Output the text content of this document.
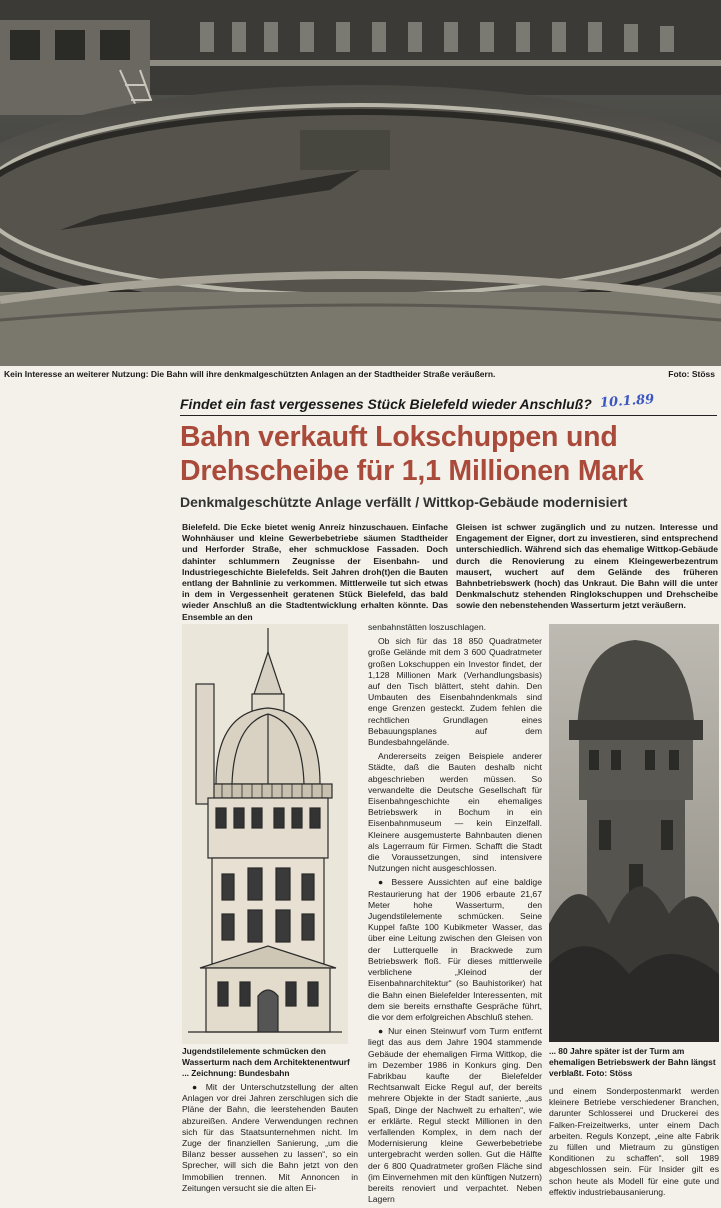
Kein Interesse an weiterer Nutzung: Die Bahn will ihre denkmalgeschützten Anlagen an der Stadtheider Straße veräußern.	Foto: Stöss
Findet ein fast vergessenes Stück Bielefeld wieder Anschluß? 10.1.89
Bahn verkauft Lokschuppen und Drehscheibe für 1,1 Millionen Mark
Denkmalgeschützte Anlage verfällt / Wittkop-Gebäude modernisiert

Bielefeld. Die Ecke bietet wenig Anreiz hinzuschauen. Einfache Wohnhäuser und kleine Gewerbebetriebe säumen Stadtheider und Herforder Straße, eher schmucklose Fassaden. Doch dahinter schlummern Zeugnisse der Eisenbahn- und Industriegeschichte Bielefelds. Seit Jahren droh(t)en die Bauten entlang der Bahnlinie zu verkommen. Mittlerweile tut sich etwas in dem in Vergessenheit geratenen Stück Bielefeld, das bald wieder Anschluß an die Stadtentwicklung erhalten könnte. Das Ensemble an den

Gleisen ist schwer zugänglich und zu nutzen. Interesse und Engagement der Eigner, dort zu investieren, sind entsprechend unterschiedlich. Während sich das ehemalige Wittkop-Gebäude durch die Renovierung zu einem Kleingewerbezentrum mausert, wuchert auf dem Gelände des früheren Bahnbetriebswerk (hoch) das Unkraut. Die Bahn will die unter Denkmalschutz stehenden Ringlokschuppen und Drehscheibe sowie den nebenstehenden Wasserturm jetzt veräußern.

Jugendstilelemente schmücken den Wasserturm nach dem Architektenentwurf ... Zeichnung: Bundesbahn

senbahnstätten loszuschlagen.

Ob sich für das 18 850 Quadratmeter große Gelände mit dem 3 600 Quadratmeter großen Lokschuppen ein Investor findet, der 1,128 Millionen Mark (Verhandlungsbasis) auf den Tisch blättert, steht dahin. Den Umbauten des Eisenbahndenkmals sind enge Grenzen gesteckt. Zudem fehlen die rechtlichen Grundlagen eines Bebauungsplanes auf dem Bundesbahngelände.

Andererseits zeigen Beispiele anderer Städte, daß die Bauten deshalb nicht abgeschrieben werden müssen. So verwandelte die Deutsche Gesellschaft für Eisenbahngeschichte ein ehemaliges Betriebswerk in Bochum in ein Eisenbahnmuseum — kein Einzelfall. Kleinere ausgemusterte Bahnbauten dienen als Lagerraum für Firmen. Schafft die Stadt die Voraussetzungen, sind intensivere Nutzungen nicht ausgeschlossen.

● Bessere Aussichten auf eine baldige Restaurierung hat der 1906 erbaute 21,67 Meter hohe Wasserturm, den Jugendstilelemente schmücken. Seine Kuppel faßte 100 Kubikmeter Wasser, das über eine Leitung zwischen den Gleisen von der Lutterquelle in Brackwede zum Betriebswerk floß. Für dieses mittlerweile verblichene „Kleinod der Eisenbahnarchitektur“ (so Bauhistoriker) hat die Bahn einen Bielefelder Interessenten, mit dem sie bereits ernsthafte Gespräche führt, die vor dem erfolgreichen Abschluß stehen.

● Nur einen Steinwurf vom Turm entfernt liegt das aus dem Jahre 1904 stammende Gebäude der ehemaligen Firma Wittkop, die im Dezember 1986 in Konkurs ging. Den Fabrikbau kaufte der Bielefelder Rechtsanwalt Eicke Regul auf, der bereits mehrere Objekte in der Stadt sanierte, „aus Spaß, Dinge der Nachwelt zu erhalten“, wie er erklärte. Regul steckt Millionen in den verfallenden Komplex, in dem nach der Modernisierung kleine Gewerbebetriebe untergebracht werden sollen. Gut die Hälfte der 6 800 Quadratmeter großen Fläche sind (im Einvernehmen mit den künftigen Nutzern) bereits renoviert und verpachtet. Neben Lagern

● Mit der Unterschutzstellung der alten Anlagen vor drei Jahren zerschlugen sich die Pläne der Bahn, die leerstehenden Bauten abzureißen. Andere Verwendungen rechnen sich für das Staatsunternehmen nicht. Im Zuge der finanziellen Sanierung, „um die Bilanz besser aussehen zu lassen“, so ein Sprecher, will sich die Bahn jetzt von den Immobilien trennen. Mit Annoncen in Zeitungen versucht sie die alten Ei-

... 80 Jahre später ist der Turm am ehemaligen Betriebswerk der Bahn längst verblaßt. Foto: Stöss

und einem Sonderpostenmarkt werden kleinere Betriebe verschiedener Branchen, darunter Schlosserei und Druckerei des Falken-Freizeitwerks, unter einem Dach arbeiten. Reguls Konzept, „eine alte Fabrik zu füllen und Mietraum zu günstigen Konditionen zu schaffen“, soll 1989 abgeschlossen sein. Für Insider gilt es schon heute als Modell für eine gute und effektiv industriebausanierung.
